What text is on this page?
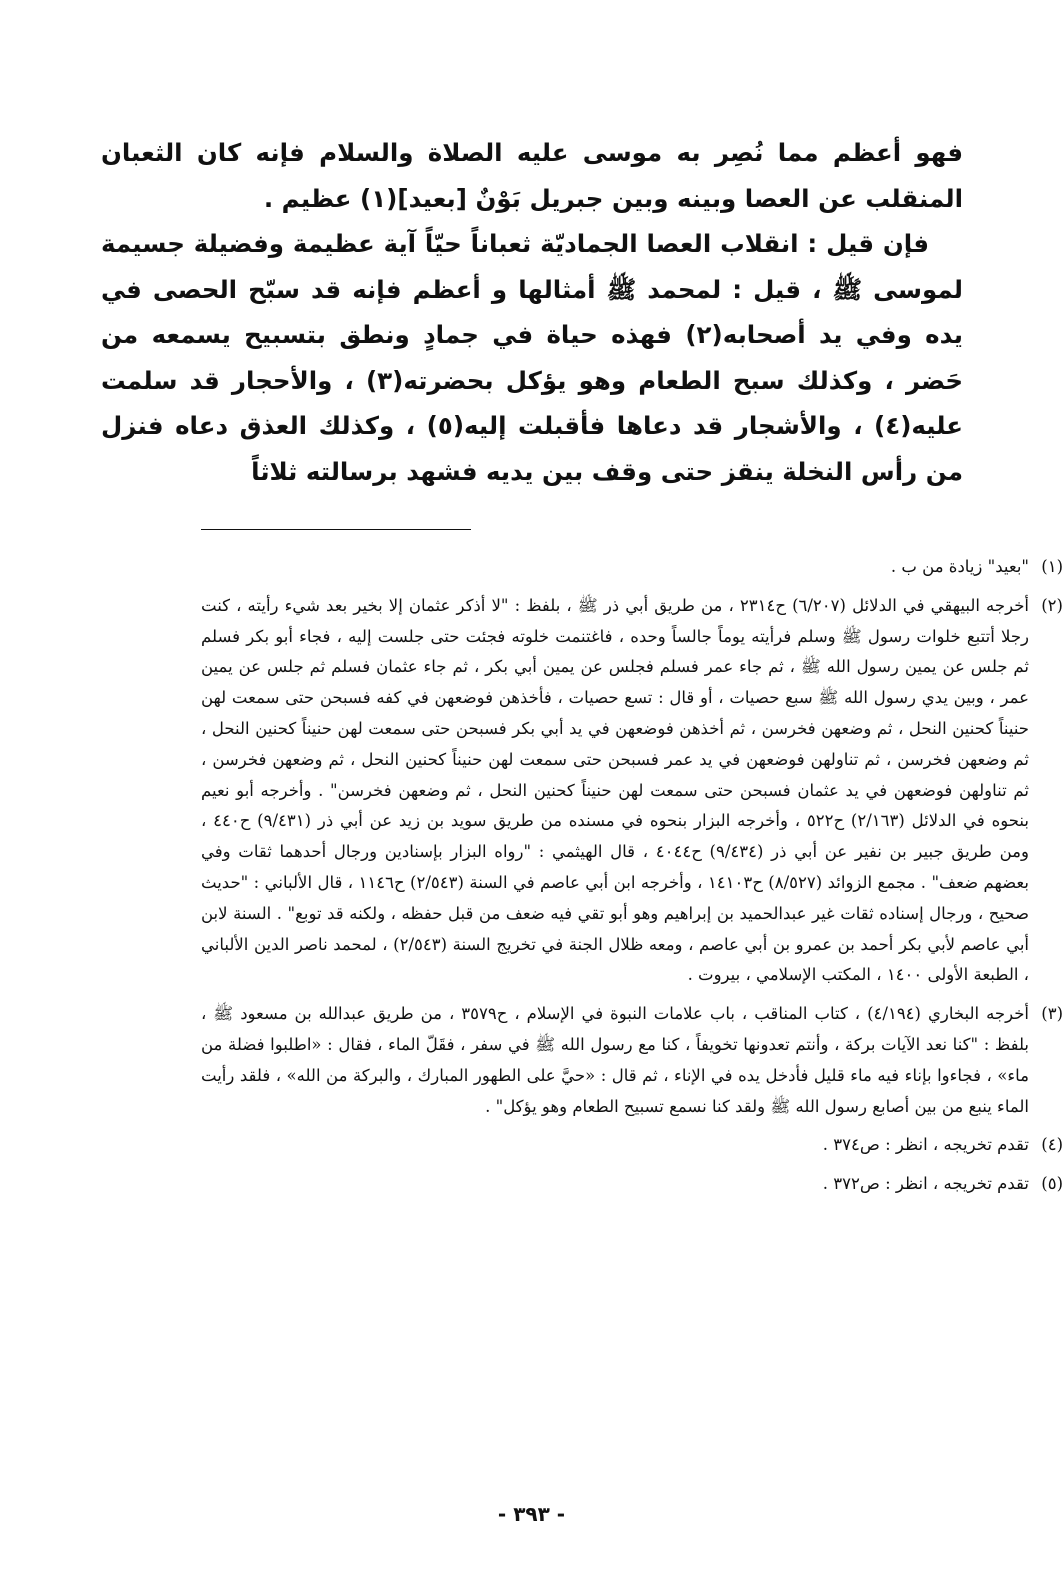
فهو أعظم مما نُصِر به موسى عليه الصلاة والسلام فإنه كان الثعبان المنقلب عن العصا وبينه وبين جبريل بَوْنٌ [بعيد](١) عظيم .

فإن قيل : انقلاب العصا الجماديّة ثعباناً حيّاً آية عظيمة وفضيلة جسيمة لموسى ﷺ ، قيل : لمحمد ﷺ أمثالها و أعظم فإنه قد سبّح الحصى في يده وفي يد أصحابه(٢) فهذه حياة في جمادٍ ونطق بتسبيح يسمعه من حَضر ، وكذلك سبح الطعام وهو يؤكل بحضرته(٣) ، والأحجار قد سلمت عليه(٤) ، والأشجار قد دعاها فأقبلت إليه(٥) ، وكذلك العذق دعاه فنزل من رأس النخلة ينقز حتى وقف بين يديه فشهد برسالته ثلاثاً

(١)"بعيد" زيادة من ب .

(٢)أخرجه البيهقي في الدلائل (٦/٢٠٧) ح٢٣١٤ ، من طريق أبي ذر ﷺ ، بلفظ : "لا أذكر عثمان إلا بخير بعد شيء رأيته ، كنت رجلا أتتبع خلوات رسول ﷺ وسلم فرأيته يوماً جالساً وحده ، فاغتنمت خلوته فجئت حتى جلست إليه ، فجاء أبو بكر فسلم ثم جلس عن يمين رسول الله ﷺ ، ثم جاء عمر فسلم فجلس عن يمين أبي بكر ، ثم جاء عثمان فسلم ثم جلس عن يمين عمر ، وبين يدي رسول الله ﷺ سبع حصيات ، أو قال : تسع حصيات ، فأخذهن فوضعهن في كفه فسبحن حتى سمعت لهن حنيناً كحنين النحل ، ثم وضعهن فخرسن ، ثم أخذهن فوضعهن في يد أبي بكر فسبحن حتى سمعت لهن حنيناً كحنين النحل ، ثم وضعهن فخرسن ، ثم تناولهن فوضعهن في يد عمر فسبحن حتى سمعت لهن حنيناً كحنين النحل ، ثم وضعهن فخرسن ، ثم تناولهن فوضعهن في يد عثمان فسبحن حتى سمعت لهن حنيناً كحنين النحل ، ثم وضعهن فخرسن" . وأخرجه أبو نعيم بنحوه في الدلائل (٢/١٦٣) ح٥٢٢ ، وأخرجه البزار بنحوه في مسنده من طريق سويد بن زيد عن أبي ذر (٩/٤٣١) ح٤٤٠ ، ومن طريق جبير بن نفير عن أبي ذر (٩/٤٣٤) ح٤٠٤٤ ، قال الهيثمي : "رواه البزار بإسنادين ورجال أحدهما ثقات وفي بعضهم ضعف" . مجمع الزوائد (٨/٥٢٧) ح١٤١٠٣ ، وأخرجه ابن أبي عاصم في السنة (٢/٥٤٣) ح١١٤٦ ، قال الألباني : "حديث صحيح ، ورجال إسناده ثقات غير عبدالحميد بن إبراهيم وهو أبو تقي فيه ضعف من قبل حفظه ، ولكنه قد توبع" . السنة لابن أبي عاصم لأبي بكر أحمد بن عمرو بن أبي عاصم ، ومعه ظلال الجنة في تخريج السنة (٢/٥٤٣) ، لمحمد ناصر الدين الألباني ، الطبعة الأولى ١٤٠٠ ، المكتب الإسلامي ، بيروت .

(٣)أخرجه البخاري (٤/١٩٤) ، كتاب المناقب ، باب علامات النبوة في الإسلام ، ح٣٥٧٩ ، من طريق عبدالله بن مسعود ﷺ ، بلفظ : "كنا نعد الآيات بركة ، وأنتم تعدونها تخويفاً ، كنا مع رسول الله ﷺ في سفر ، فقَلّ الماء ، فقال : «اطلبوا فضلة من ماء» ، فجاءوا بإناء فيه ماء قليل فأدخل يده في الإناء ، ثم قال : «حيَّ على الطهور المبارك ، والبركة من الله» ، فلقد رأيت الماء ينبع من بين أصابع رسول الله ﷺ ولقد كنا نسمع تسبيح الطعام وهو يؤكل" .

(٤)تقدم تخريجه ، انظر : ص٣٧٤ .

(٥)تقدم تخريجه ، انظر : ص٣٧٢ .

- ٣٩٣ -
